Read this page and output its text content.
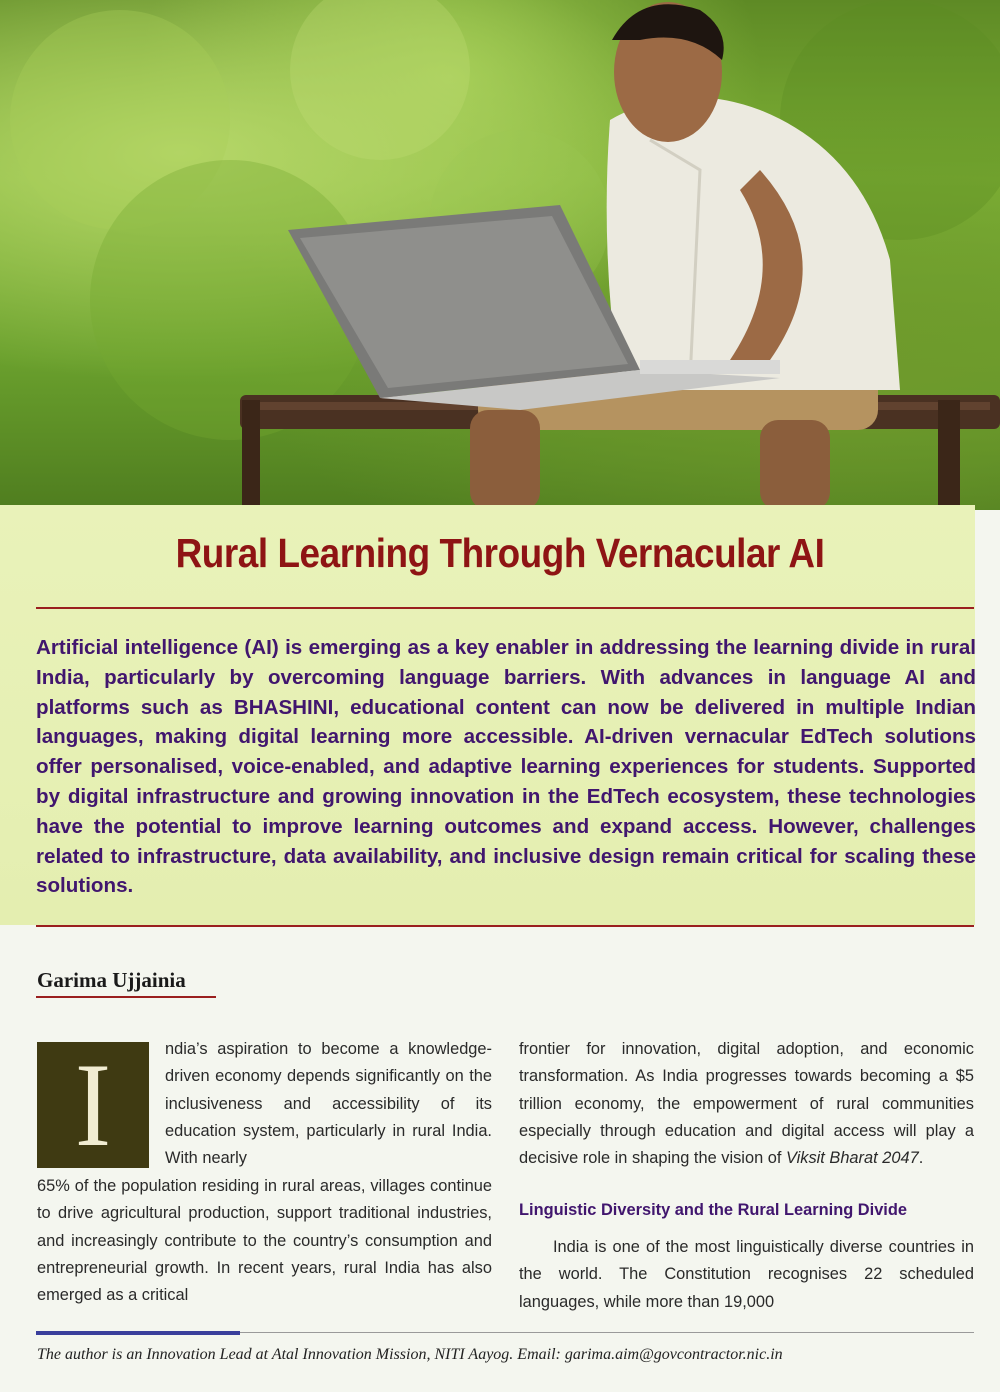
Rural Learning Through Vernacular AI

Artificial intelligence (AI) is emerging as a key enabler in addressing the learning divide in rural India, particularly by overcoming language barriers. With advances in language AI and platforms such as BHASHINI, educational content can now be delivered in multiple Indian languages, making digital learning more accessible. AI-driven vernacular EdTech solutions offer personalised, voice-enabled, and adaptive learning experiences for students. Supported by digital infrastructure and growing innovation in the EdTech ecosystem, these technologies have the potential to improve learning outcomes and expand access. However, challenges related to infrastructure, data availability, and inclusive design remain critical for scaling these solutions.

Garima Ujjainia

I	ndia’s aspiration to become a knowledge-driven economy depends significantly on the inclusiveness and accessibility of its education system, particularly in rural India. With nearly

65% of the population residing in rural areas, villages continue to drive agricultural production, support traditional industries, and increasingly contribute to the country’s consumption and entrepreneurial growth. In recent years, rural India has also emerged as a critical

frontier for innovation, digital adoption, and economic transformation. As India progresses towards becoming a $5 trillion economy, the empowerment of rural communities especially through education and digital access will play a decisive role in shaping the vision of Viksit Bharat 2047.

Linguistic Diversity and the Rural Learning Divide

India is one of the most linguistically diverse countries in the world. The Constitution recognises 22 scheduled languages, while more than 19,000

The author is an Innovation Lead at Atal Innovation Mission, NITI Aayog. Email: garima.aim@govcontractor.nic.in
